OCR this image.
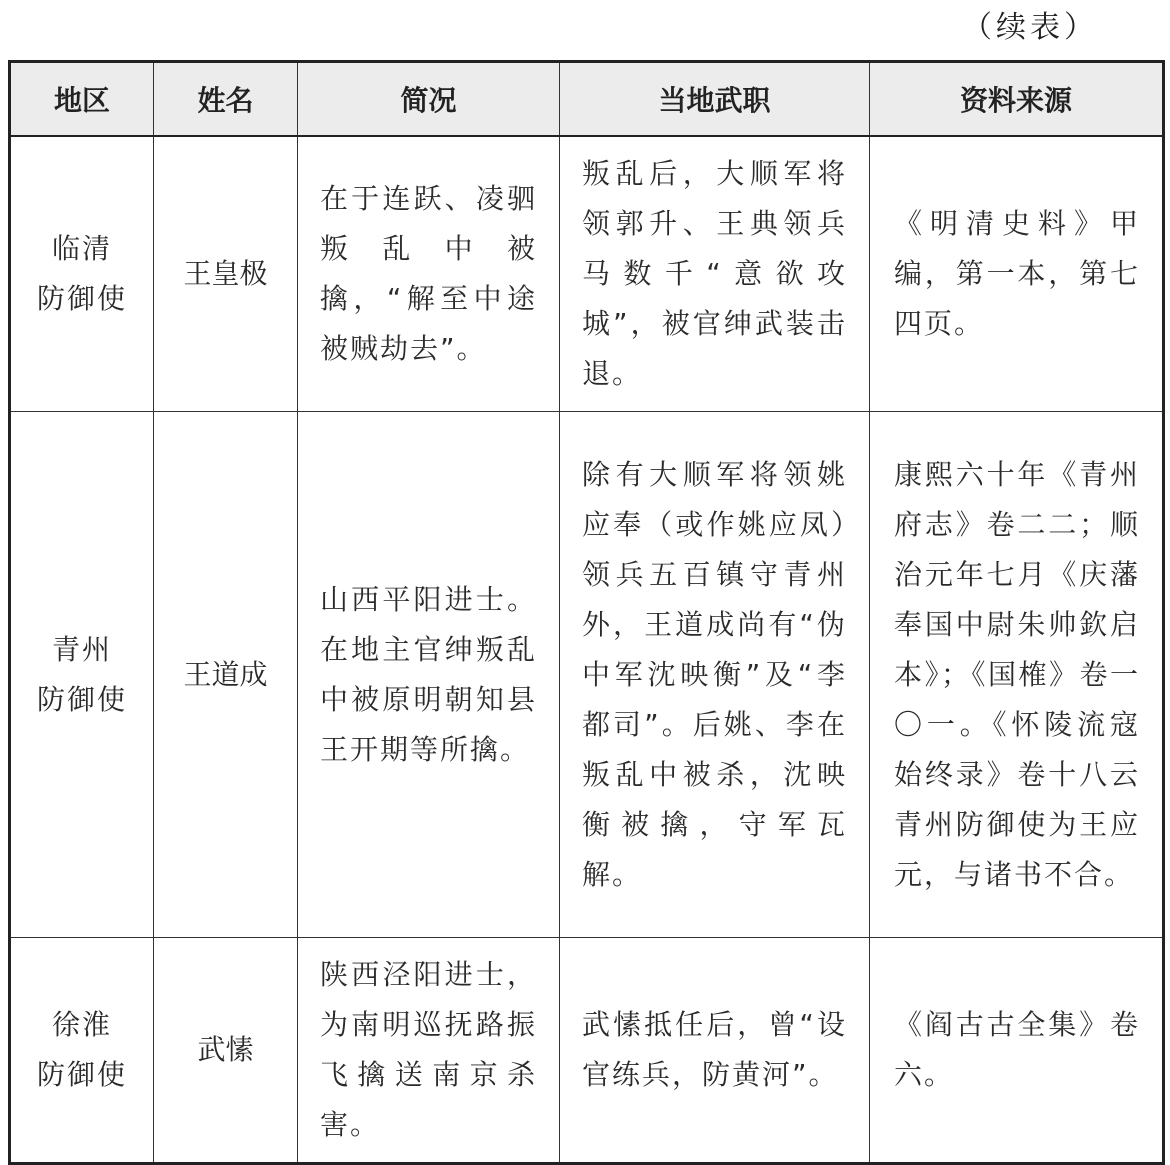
（续表）
地区	姓名	简况	当地武职	资料来源

临清
防御使	王皇极	在于连跃、凌驷叛乱中被擒，“解至中途被贼劫去”。	叛乱后，大顺军将领郭升、王典领兵马数千“意欲攻城”，被官绅武装击退。	《明清史料》甲编，第一本，第七四页。

青州
防御使	王道成	山西平阳进士。在地主官绅叛乱中被原明朝知县王开期等所擒。	除有大顺军将领姚应奉（或作姚应凤）领兵五百镇守青州外，王道成尚有“伪中军沈映衡”及“李都司”。后姚、李在叛乱中被杀，沈映衡被擒，守军瓦解。	康熙六十年《青州府志》卷二二；顺治元年七月《庆藩奉国中尉朱帅欽启本》；《国榷》卷一〇一。《怀陵流寇始终录》卷十八云青州防御使为王应元，与诸书不合。

徐淮
防御使	武愫	陕西泾阳进士，为南明巡抚路振飞擒送南京杀害。	武愫抵任后，曾“设官练兵，防黄河”。	《阎古古全集》卷六。
